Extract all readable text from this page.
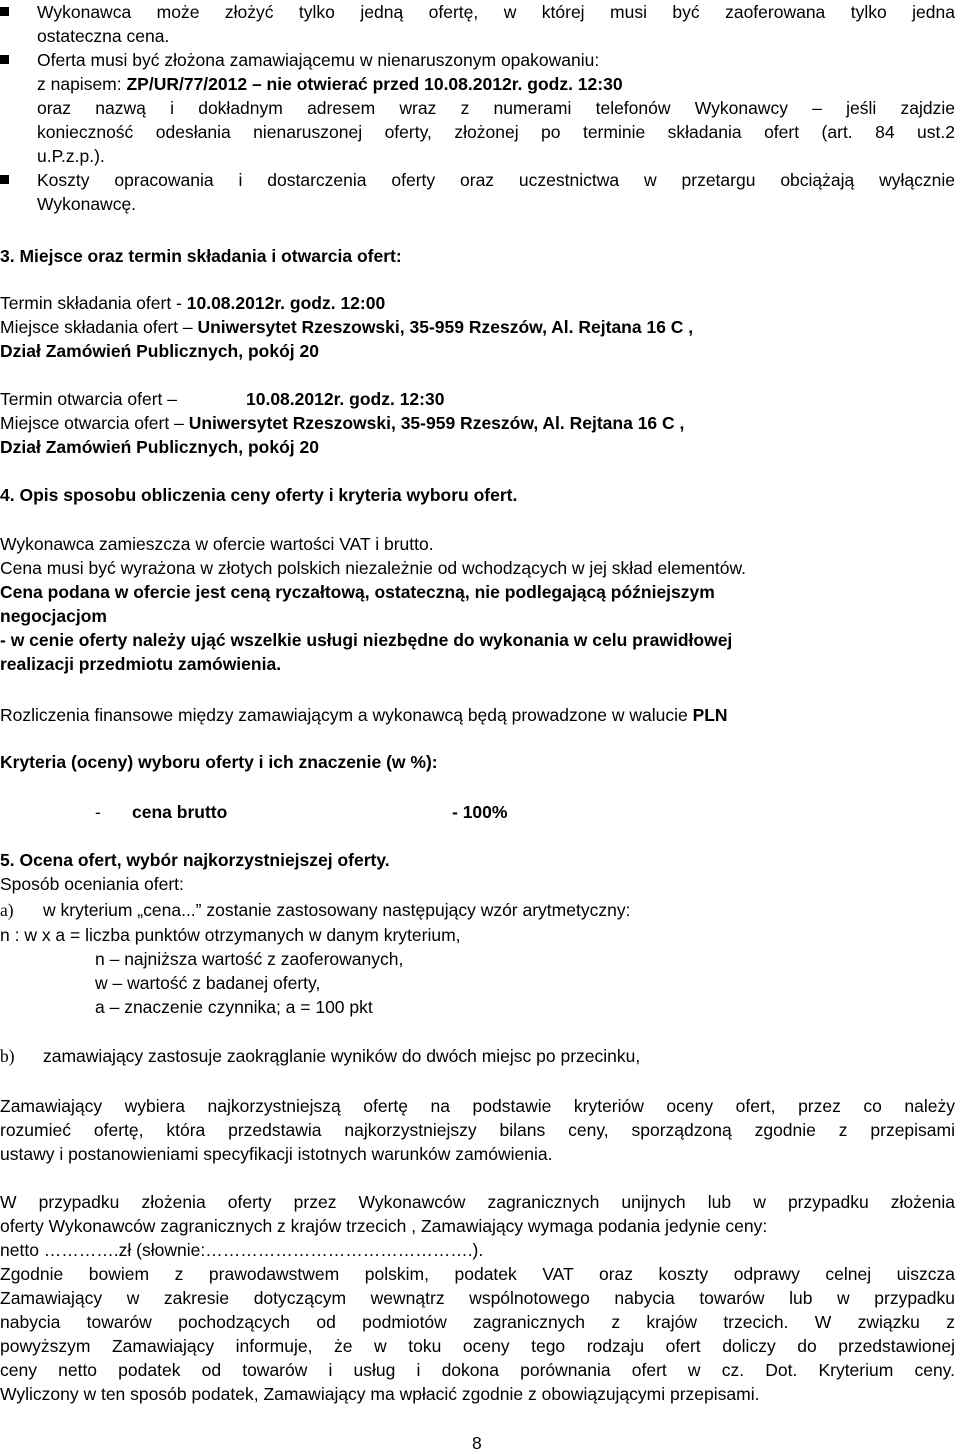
Wykonawca może złożyć tylko jedną ofertę, w której musi być zaoferowana tylko jedna
ostateczna cena.
Oferta musi być złożona zamawiającemu w nienaruszonym opakowaniu:
z napisem: ZP/UR/77/2012 – nie otwierać przed 10.08.2012r. godz. 12:30
oraz nazwą i dokładnym adresem wraz z numerami telefonów Wykonawcy – jeśli zajdzie
konieczność odesłania nienaruszonej oferty, złożonej po terminie składania ofert (art. 84 ust.2
u.P.z.p.).
Koszty opracowania i dostarczenia oferty oraz uczestnictwa w przetargu obciążają wyłącznie
Wykonawcę.
3. Miejsce oraz termin składania i otwarcia ofert:
Termin składania ofert - 10.08.2012r. godz. 12:00
Miejsce składania ofert – Uniwersytet Rzeszowski, 35-959 Rzeszów, Al. Rejtana 16 C ,
Dział Zamówień Publicznych, pokój 20
Termin otwarcia ofert –	10.08.2012r. godz. 12:30
Miejsce otwarcia ofert – Uniwersytet Rzeszowski, 35-959 Rzeszów, Al. Rejtana 16 C ,
Dział Zamówień Publicznych, pokój 20
4. Opis sposobu obliczenia ceny oferty i kryteria wyboru ofert.
Wykonawca zamieszcza w ofercie wartości VAT i brutto.
Cena musi być wyrażona w złotych polskich niezależnie od wchodzących w jej skład elementów.
Cena podana w ofercie jest ceną ryczałtową, ostateczną, nie podlegającą późniejszym
negocjacjom
- w cenie oferty należy ująć wszelkie usługi niezbędne do wykonania w celu prawidłowej
realizacji przedmiotu zamówienia.
Rozliczenia finansowe między zamawiającym a wykonawcą będą prowadzone w walucie PLN
Kryteria (oceny) wyboru oferty i ich znaczenie (w %):
- cena brutto	- 100%
5. Ocena ofert, wybór najkorzystniejszej oferty.
Sposób oceniania ofert:
a) w kryterium „cena...” zostanie zastosowany następujący wzór arytmetyczny:
n : w x a = liczba punktów otrzymanych w danym kryterium,
n – najniższa wartość z zaoferowanych,
w – wartość z badanej oferty,
a – znaczenie czynnika; a = 100 pkt
b) zamawiający zastosuje zaokrąglanie wyników do dwóch miejsc po przecinku,
Zamawiający wybiera najkorzystniejszą ofertę na podstawie kryteriów oceny ofert, przez co należy
rozumieć ofertę, która przedstawia najkorzystniejszy bilans ceny, sporządzoną zgodnie z przepisami
ustawy i postanowieniami specyfikacji istotnych warunków zamówienia.
W przypadku złożenia oferty przez Wykonawców zagranicznych unijnych lub w przypadku złożenia
oferty Wykonawców zagranicznych z krajów trzecich , Zamawiający wymaga podania jedynie ceny:
netto ………….zł (słownie:……………………………………….).
Zgodnie bowiem z prawodawstwem polskim, podatek VAT oraz koszty odprawy celnej uiszcza
Zamawiający w zakresie dotyczącym wewnątrz wspólnotowego nabycia towarów lub w przypadku
nabycia towarów pochodzących od podmiotów zagranicznych z krajów trzecich. W związku z
powyższym Zamawiający informuje, że w toku oceny tego rodzaju ofert doliczy do przedstawionej
ceny netto podatek od towarów i usług i dokona porównania ofert w cz. Dot. Kryterium ceny.
Wyliczony w ten sposób podatek, Zamawiający ma wpłacić zgodnie z obowiązującymi przepisami.
8
